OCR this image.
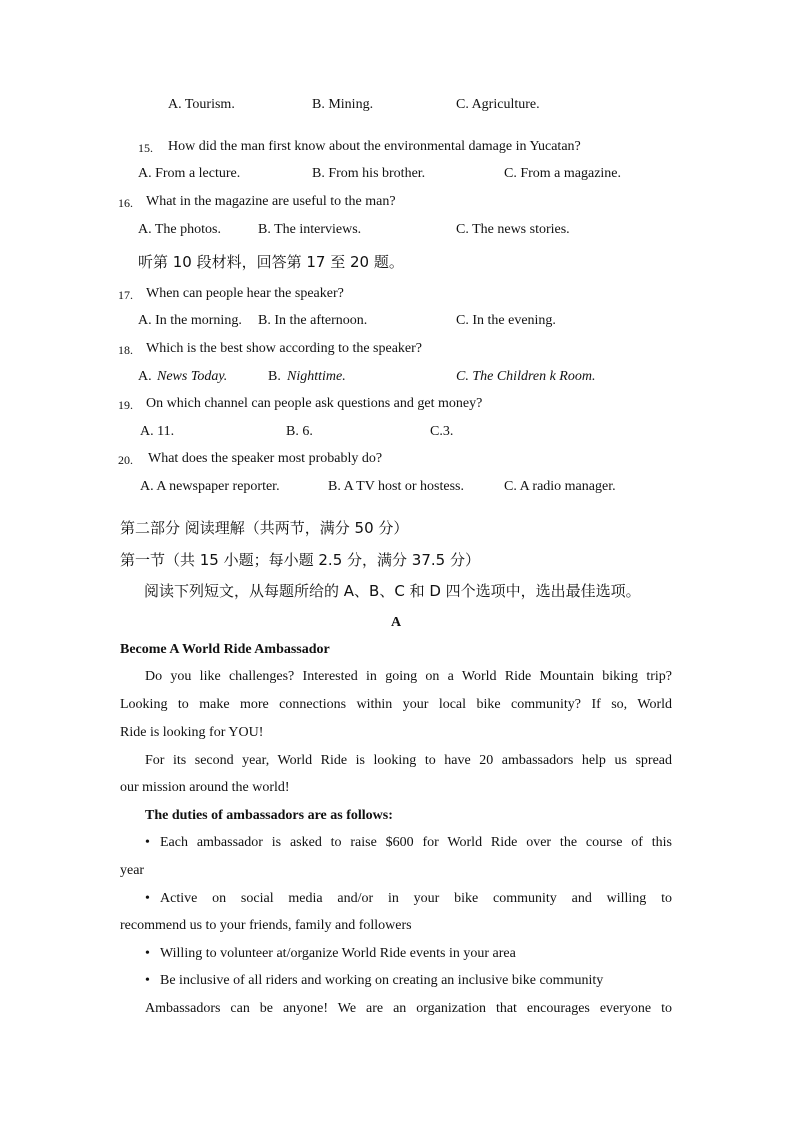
A. Tourism.	B. Mining.	C. Agriculture.
15. How did the man first know about the environmental damage in Yucatan?
A. From a lecture.	B. From his brother.	C. From a magazine.
16. What in the magazine are useful to the man?
A. The photos.	B. The interviews.	C. The news stories.
听第 10 段材料，回答第 17 至 20 题。
17. When can people hear the speaker?
A. In the morning. B. In the afternoon.	C. In the evening.
18. Which is the best show according to the speaker?
A. News Today.	B. Nighttime.	C. The Children k Room.
19. On which channel can people ask questions and get money?
A. 11.	B. 6.	C.3.
20. What does the speaker most probably do?
A. A newspaper reporter.	B. A TV host or hostess.	C. A radio manager.
第二部分 阅读理解（共两节，满分 50 分）
第一节（共 15 小题；每小题 2.5 分，满分 37.5 分）
阅读下列短文，从每题所给的 A、B、C 和 D 四个选项中，选出最佳选项。
A
Become A World Ride Ambassador
Do you like challenges? Interested in going on a World Ride Mountain biking trip?
Looking to make more connections within your local bike community? If so, World
Ride is looking for YOU!
For its second year, World Ride is looking to have 20 ambassadors help us spread
our mission around the world!
The duties of ambassadors are as follows:
• Each ambassador is asked to raise $600 for World Ride over the course of this
year
• Active on social media and/or in your bike community and willing to
recommend us to your friends, family and followers
• Willing to volunteer at/organize World Ride events in your area
• Be inclusive of all riders and working on creating an inclusive bike community
Ambassadors can be anyone! We are an organization that encourages everyone to
